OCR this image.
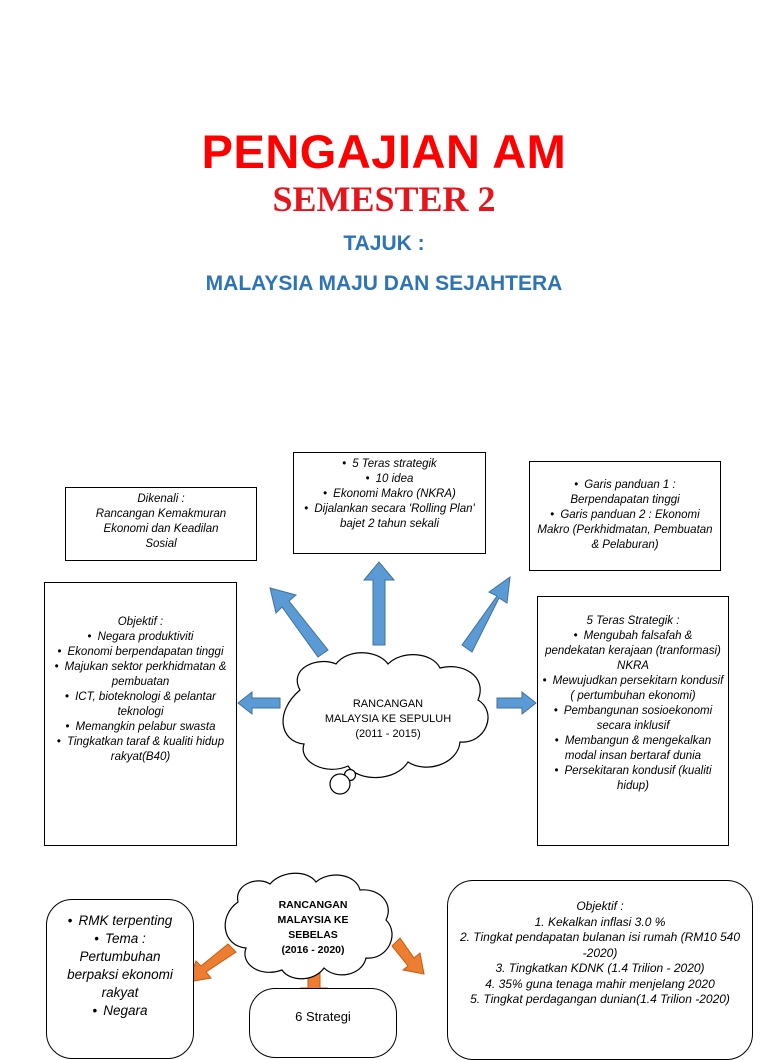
PENGAJIAN AM
SEMESTER 2
TAJUK :
MALAYSIA MAJU DAN SEJAHTERA
RANCANGAN
MALAYSIA KE SEPULUH
(2011 - 2015)
Dikenali :
Rancangan Kemakmuran
Ekonomi dan Keadilan
Sosial
• 5 Teras strategik
• 10 idea
• Ekonomi Makro (NKRA)
• Dijalankan secara 'Rolling Plan' bajet 2 tahun sekali
• Garis panduan 1 : Berpendapatan tinggi
• Garis panduan 2 : Ekonomi Makro (Perkhidmatan, Pembuatan & Pelaburan)
Objektif :
• Negara produktiviti
• Ekonomi berpendapatan tinggi
• Majukan sektor perkhidmatan & pembuatan
• ICT, bioteknologi & pelantar teknologi
• Memangkin pelabur swasta
• Tingkatkan taraf & kualiti hidup rakyat(B40)
5 Teras Strategik :
• Mengubah falsafah & pendekatan kerajaan (tranformasi) NKRA
• Mewujudkan persekitarn kondusif ( pertumbuhan ekonomi)
• Pembangunan sosioekonomi secara inklusif
• Membangun & mengekalkan modal insan bertaraf dunia
• Persekitaran kondusif (kualiti hidup)
RANCANGAN
MALAYSIA KE
SEBELAS
(2016 - 2020)
• RMK terpenting
• Tema : Pertumbuhan berpaksi ekonomi rakyat
• Negara	6 Strategi
Objektif :
1. Kekalkan inflasi 3.0 %
2. Tingkat pendapatan bulanan isi rumah (RM10 540 -2020)
3. Tingkatkan KDNK (1.4 Trilion - 2020)
4. 35% guna tenaga mahir menjelang 2020
5. Tingkat perdagangan dunian(1.4 Trilion -2020)
